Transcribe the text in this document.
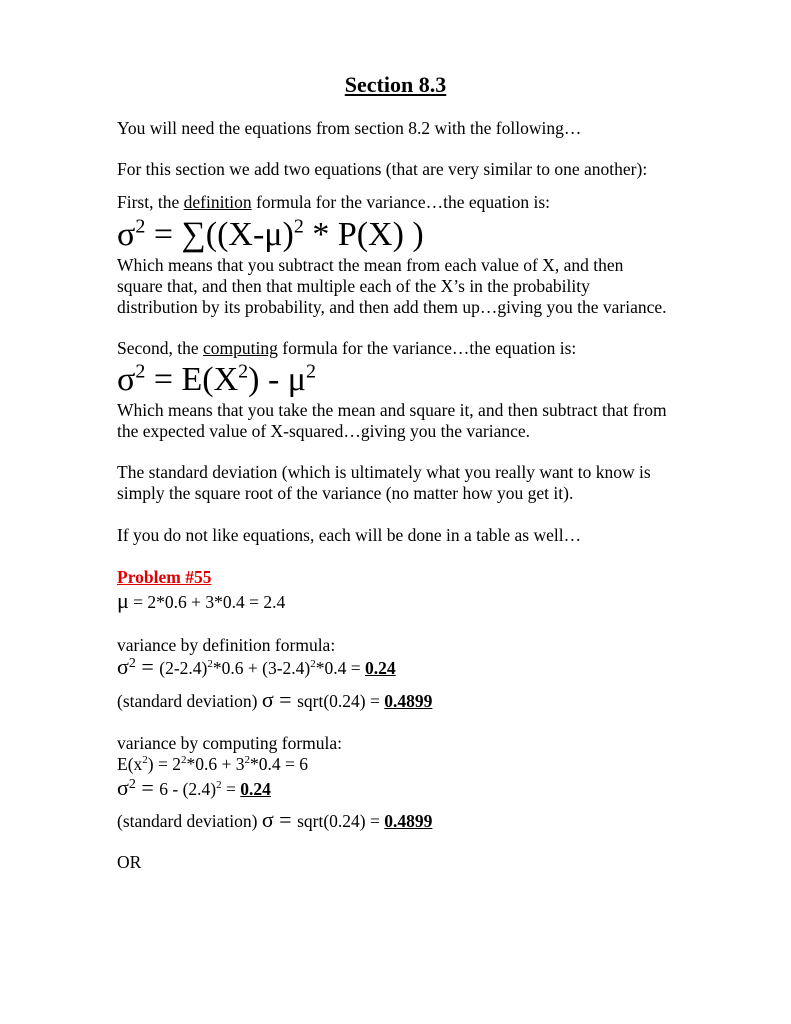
Section 8.3
You will need the equations from section 8.2 with the following…
For this section we add two equations (that are very similar to one another):
First, the definition formula for the variance…the equation is:
$\sigma^2 = \sum((X-\mu)^2 * P(X)$ )
Which means that you subtract the mean from each value of X, and then
square that, and then that multiple each of the X’s in the probability
distribution by its probability, and then add them up…giving you the variance.
Second, the computing formula for the variance…the equation is:
$\sigma^2 = E(X^2) - \mu^2$
Which means that you take the mean and square it, and then subtract that from
the expected value of X-squared…giving you the variance.
The standard deviation (which is ultimately what you really want to know is
simply the square root of the variance (no matter how you get it).
If you do not like equations, each will be done in a table as well…
Problem #55
μ = 2*0.6 + 3*0.4 = 2.4
variance by definition formula:
$\sigma^2 = (2-2.4)^2*0.6 + (3-2.4)^2*0.4 = 0.24$
(standard deviation) σ = sqrt(0.24) = 0.4899
variance by computing formula:
$E(x^2) = 2^2*0.6 + 3^2*0.4 = 6$
$\sigma^2 = 6 - (2.4)^2 = 0.24$
(standard deviation) σ = sqrt(0.24) = 0.4899
OR
